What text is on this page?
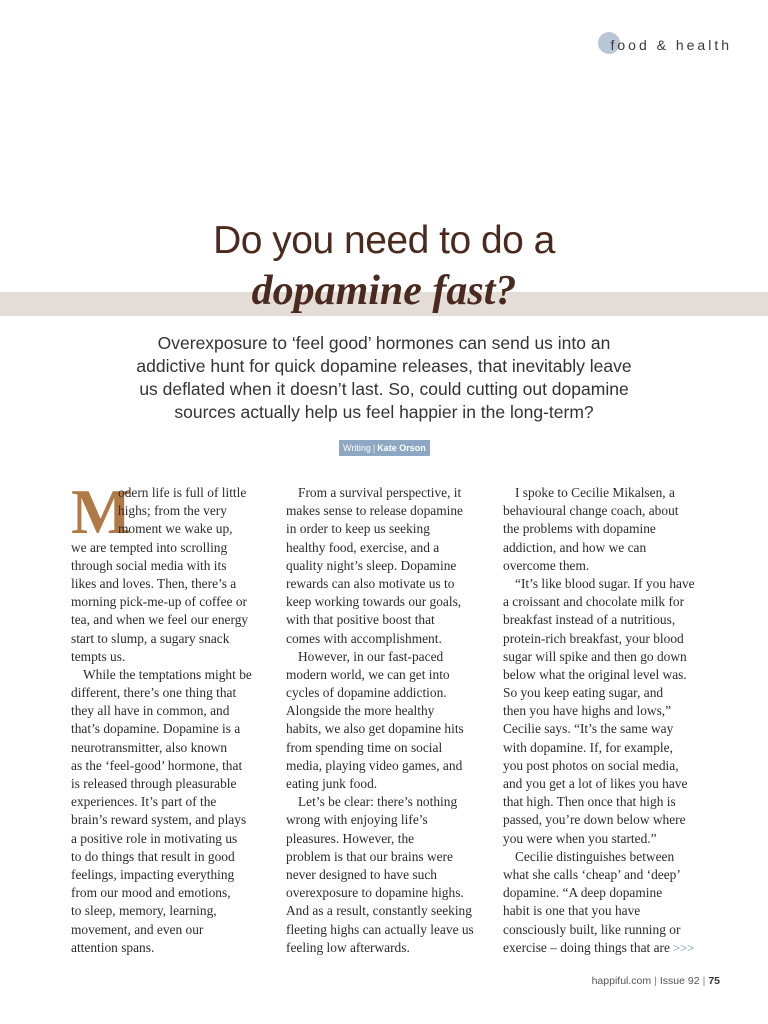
food & health
Do you need to do a
dopamine fast?
Overexposure to ‘feel good’ hormones can send us into an
addictive hunt for quick dopamine releases, that inevitably leave
us deflated when it doesn’t last. So, could cutting out dopamine
sources actually help us feel happier in the long-term?
Writing | Kate Orson
M
odern life is full of little
highs; from the very
moment we wake up,
we are tempted into scrolling
through social media with its
likes and loves. Then, there’s a
morning pick-me-up of coffee or
tea, and when we feel our energy
start to slump, a sugary snack
tempts us.
While the temptations might be
different, there’s one thing that
they all have in common, and
that’s dopamine. Dopamine is a
neurotransmitter, also known
as the ‘feel-good’ hormone, that
is released through pleasurable
experiences. It’s part of the
brain’s reward system, and plays
a positive role in motivating us
to do things that result in good
feelings, impacting everything
from our mood and emotions,
to sleep, memory, learning,
movement, and even our
attention spans.
From a survival perspective, it
makes sense to release dopamine
in order to keep us seeking
healthy food, exercise, and a
quality night’s sleep. Dopamine
rewards can also motivate us to
keep working towards our goals,
with that positive boost that
comes with accomplishment.
However, in our fast-paced
modern world, we can get into
cycles of dopamine addiction.
Alongside the more healthy
habits, we also get dopamine hits
from spending time on social
media, playing video games, and
eating junk food.
Let’s be clear: there’s nothing
wrong with enjoying life’s
pleasures. However, the
problem is that our brains were
never designed to have such
overexposure to dopamine highs.
And as a result, constantly seeking
fleeting highs can actually leave us
feeling low afterwards.
I spoke to Cecilie Mikalsen, a
behavioural change coach, about
the problems with dopamine
addiction, and how we can
overcome them.
“It’s like blood sugar. If you have
a croissant and chocolate milk for
breakfast instead of a nutritious,
protein-rich breakfast, your blood
sugar will spike and then go down
below what the original level was.
So you keep eating sugar, and
then you have highs and lows,”
Cecilie says. “It’s the same way
with dopamine. If, for example,
you post photos on social media,
and you get a lot of likes you have
that high. Then once that high is
passed, you’re down below where
you were when you started.”
Cecilie distinguishes between
what she calls ‘cheap’ and ‘deep’
dopamine. “A deep dopamine
habit is one that you have
consciously built, like running or
exercise – doing things that are >>>
happiful.com | Issue 92 | 75
